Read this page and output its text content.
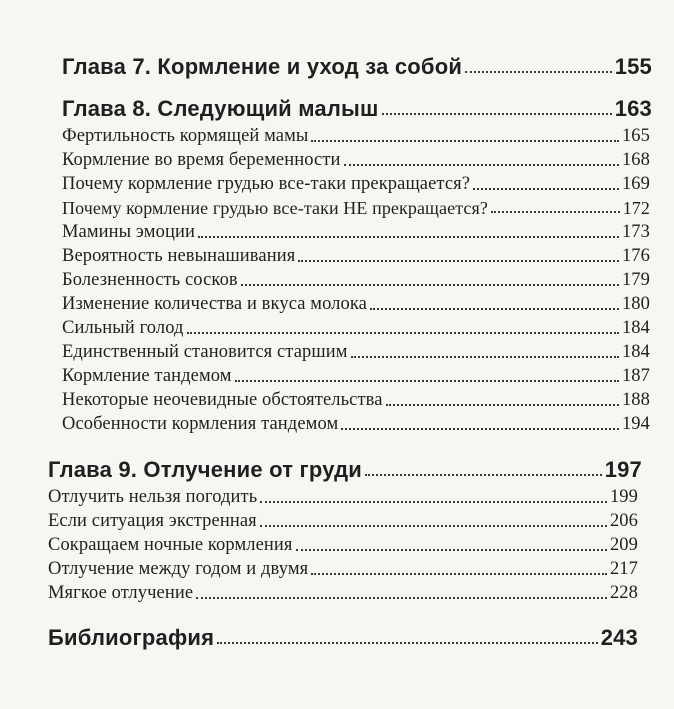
Глава 7. Кормление и уход за собой	155
Глава 8. Следующий малыш	163
Фертильность кормящей мамы	165
Кормление во время беременности	168
Почему кормление грудью все-таки прекращается?	169
Почему кормление грудью все-таки НЕ прекращается?	172
Мамины эмоции	173
Вероятность невынашивания	176
Болезненность сосков	179
Изменение количества и вкуса молока	180
Сильный голод	184
Единственный становится старшим	184
Кормление тандемом	187
Некоторые неочевидные обстоятельства	188
Особенности кормления тандемом	194
Глава 9. Отлучение от груди	197
Отлучить нельзя погодить	199
Если ситуация экстренная	206
Сокращаем ночные кормления	209
Отлучение между годом и двумя	217
Мягкое отлучение	228
Библиография	243
